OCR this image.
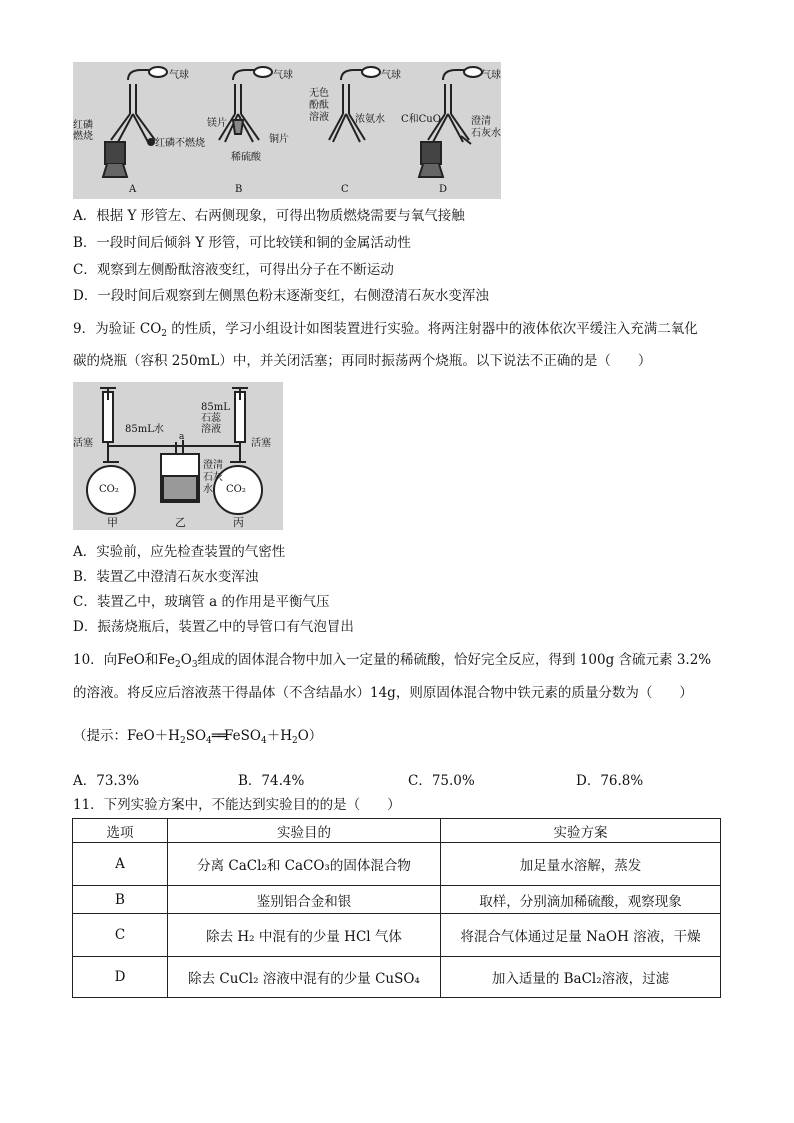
气球
红磷
燃烧
红磷不燃烧
A
气球
镁片
铜片
稀硫酸
B
气球
无色
酚酞
溶液	浓氨水
C
气球
C和CuO	澄清
石灰水
D
A．根据 Y 形管左、右两侧现象，可得出物质燃烧需要与氧气接触
B．一段时间后倾斜 Y 形管，可比较镁和铜的金属活动性
C．观察到左侧酚酞溶液变红，可得出分子在不断运动
D．一段时间后观察到左侧黑色粉末逐渐变红，右侧澄清石灰水变浑浊
9．为验证 $CO_2$ 的性质，学习小组设计如图装置进行实验。将两注射器中的液体依次平缓注入充满二氧化
碳的烧瓶（容积 250mL）中，并关闭活塞；再同时振荡两个烧瓶。以下说法不正确的是（　　）
85mL水
85mL
石蕊
溶液
活塞	活塞
a
澄清
石灰
水
CO₂	CO₂
甲	乙	丙
A．实验前，应先检查装置的气密性
B．装置乙中澄清石灰水变浑浊
C．装置乙中，玻璃管 a 的作用是平衡气压
D．振荡烧瓶后，装置乙中的导管口有气泡冒出
10．向FeO和$Fe_2O_3$组成的固体混合物中加入一定量的稀硫酸，恰好完全反应，得到 100g 含硫元素 3.2%
的溶液。将反应后溶液蒸干得晶体（不含结晶水）14g，则原固体混合物中铁元素的质量分数为（　　）
（提示：$FeO+H_2SO_4══FeSO_4+H_2O$）
A．73.3%	B．74.4%	C．75.0%	D．76.8%
11．下列实验方案中，不能达到实验目的的是（　　）
选项	实验目的	实验方案
A	分离 CaCl₂和 CaCO₃的固体混合物	加足量水溶解，蒸发
B	鉴别铝合金和银	取样，分别滴加稀硫酸，观察现象
C	除去 H₂ 中混有的少量 HCl 气体	将混合气体通过足量 NaOH 溶液，干燥
D	除去 CuCl₂ 溶液中混有的少量 CuSO₄	加入适量的 BaCl₂溶液，过滤
